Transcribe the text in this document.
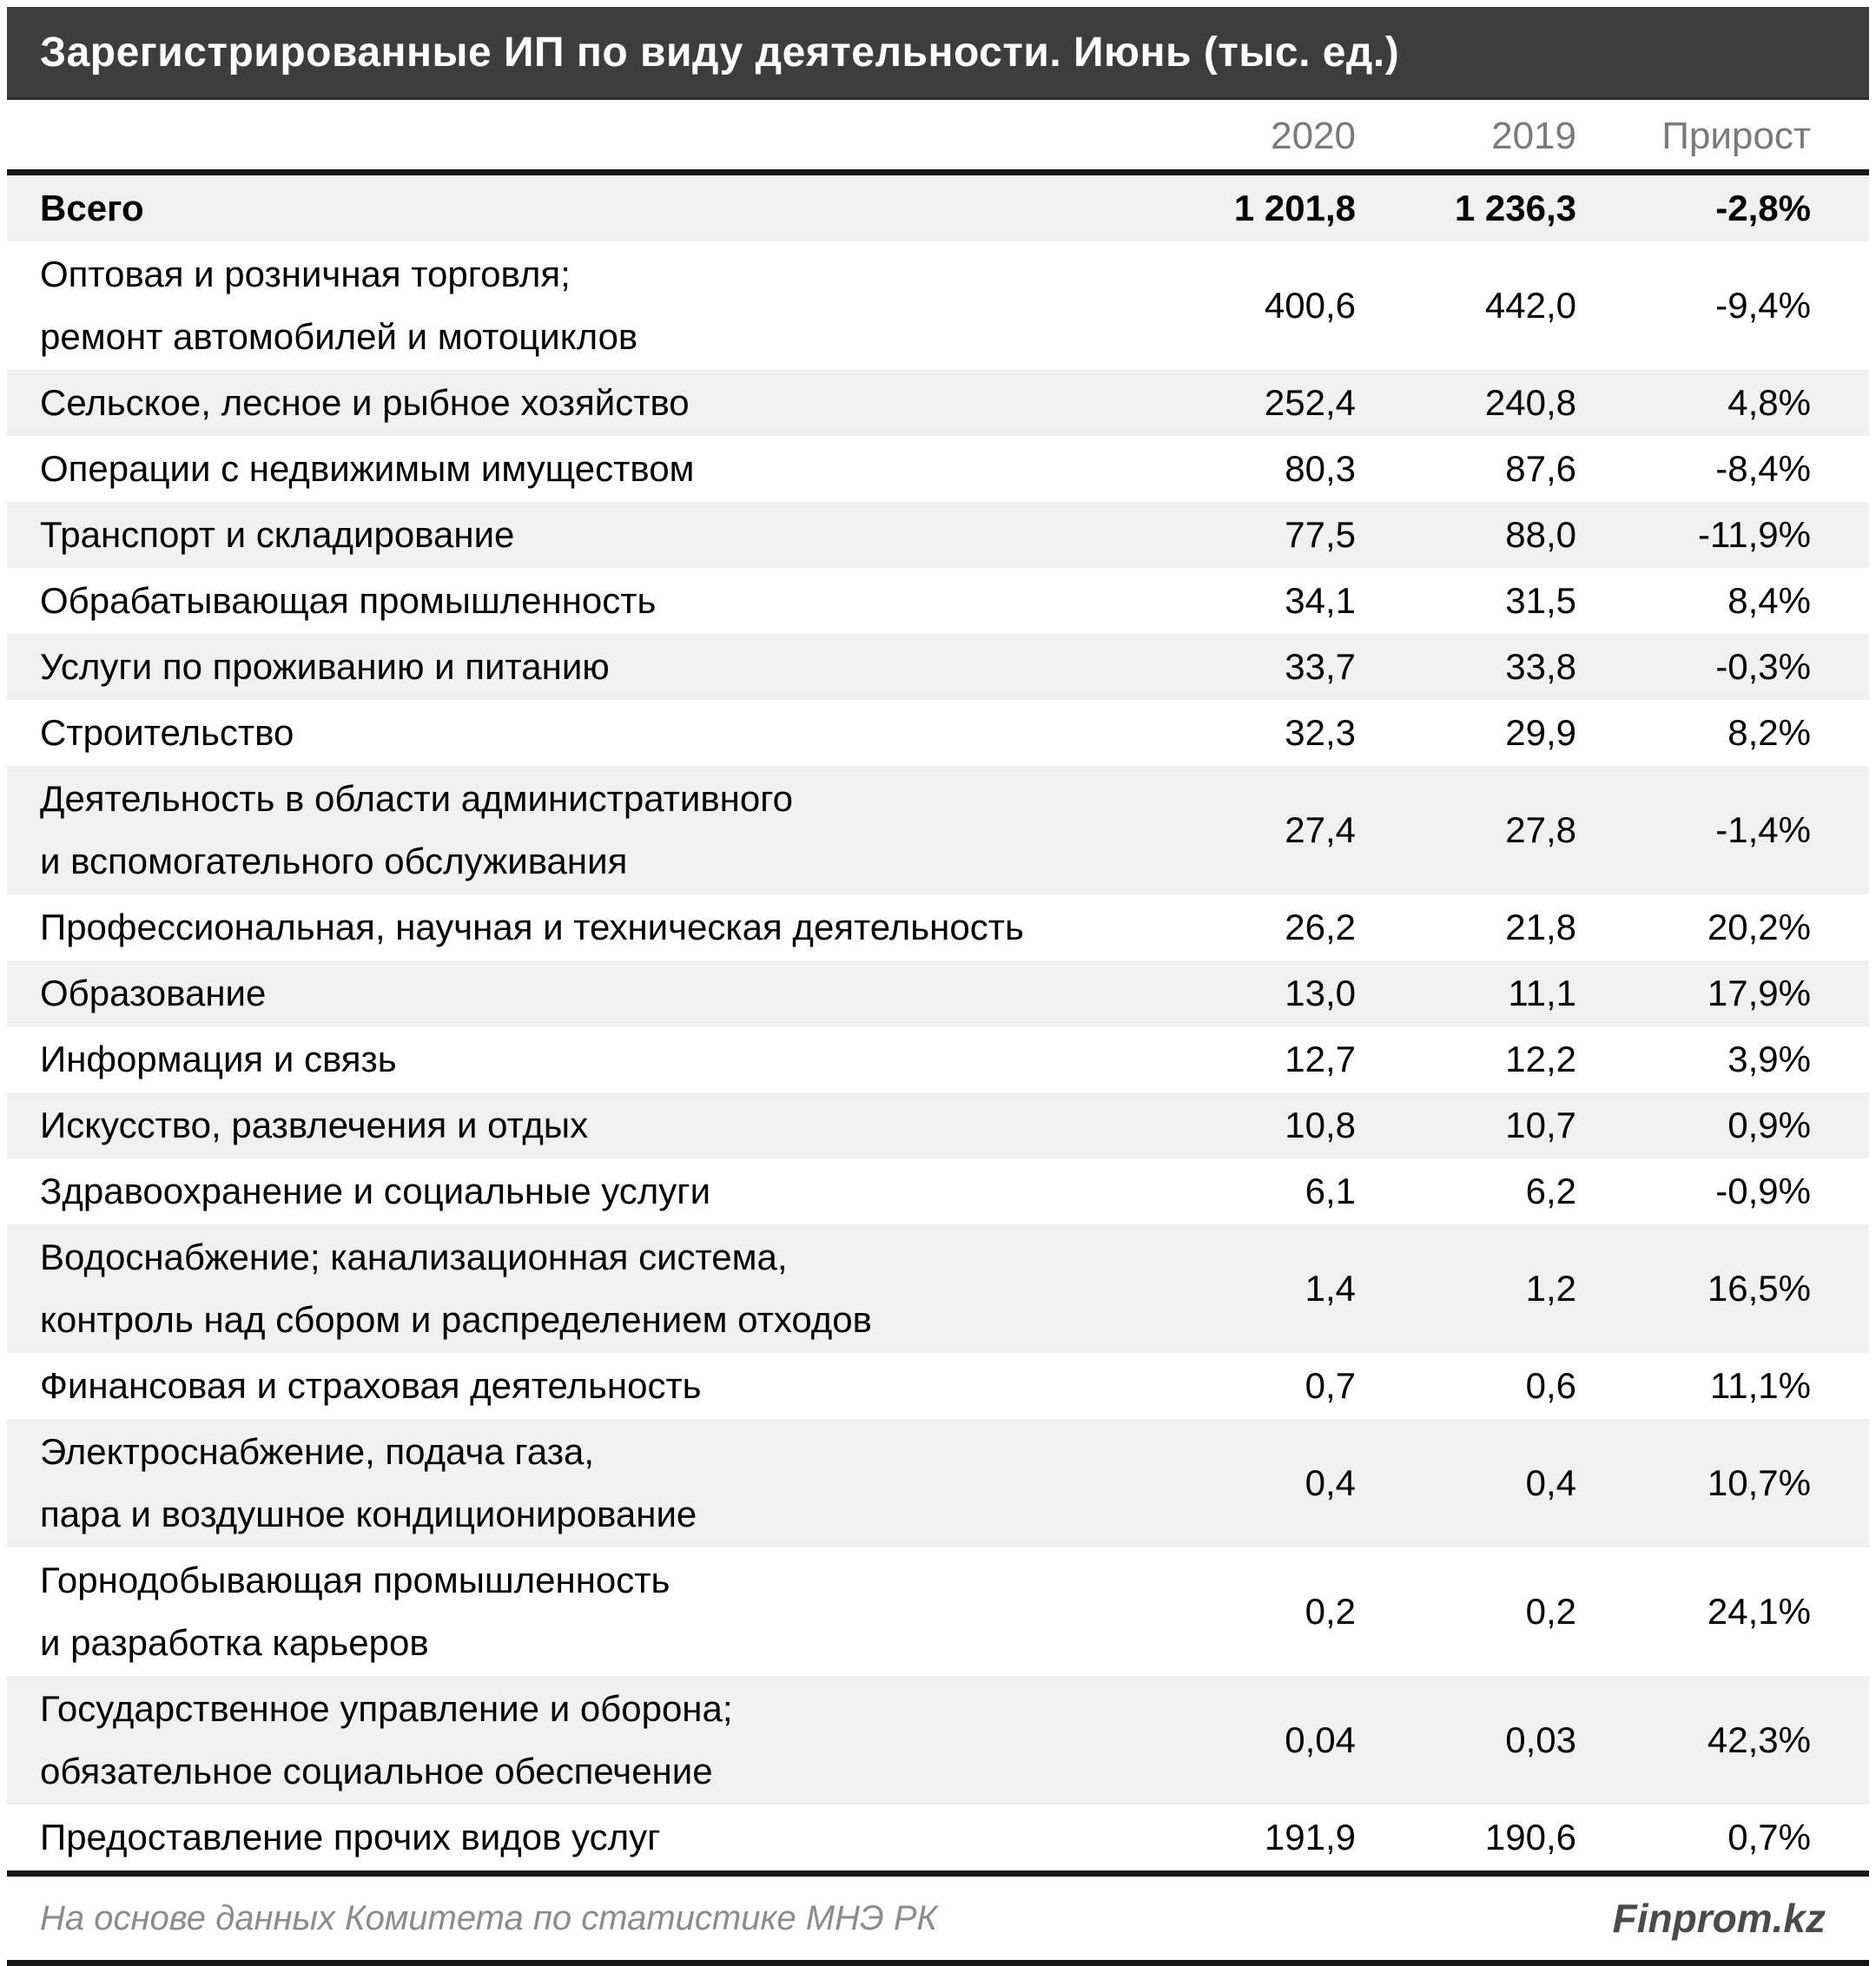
Зарегистрированные ИП по виду деятельности. Июнь (тыс. ед.)
	2020	2019	Прирост

Всего	1 201,8	1 236,3	-2,8%

Оптовая и розничная торговля;
ремонт автомобилей и мотоциклов	400,6	442,0	-9,4%

Сельское, лесное и рыбное хозяйство	252,4	240,8	4,8%

Операции с недвижимым имуществом	80,3	87,6	-8,4%

Транспорт и складирование	77,5	88,0	-11,9%

Обрабатывающая промышленность	34,1	31,5	8,4%

Услуги по проживанию и питанию	33,7	33,8	-0,3%

Строительство	32,3	29,9	8,2%

Деятельность в области административного
и вспомогательного обслуживания	27,4	27,8	-1,4%

Профессиональная, научная и техническая деятельность	26,2	21,8	20,2%

Образование	13,0	11,1	17,9%

Информация и связь	12,7	12,2	3,9%

Искусство, развлечения и отдых	10,8	10,7	0,9%

Здравоохранение и социальные услуги	6,1	6,2	-0,9%

Водоснабжение; канализационная система,
контроль над сбором и распределением отходов	1,4	1,2	16,5%

Финансовая и страховая деятельность	0,7	0,6	11,1%

Электроснабжение, подача газа,
пара и воздушное кондиционирование	0,4	0,4	10,7%

Горнодобывающая промышленность
и разработка карьеров	0,2	0,2	24,1%

Государственное управление и оборона;
обязательное социальное обеспечение	0,04	0,03	42,3%

Предоставление прочих видов услуг	191,9	190,6	0,7%
На основе данных Комитета по статистике МНЭ РК	Finprom.kz
